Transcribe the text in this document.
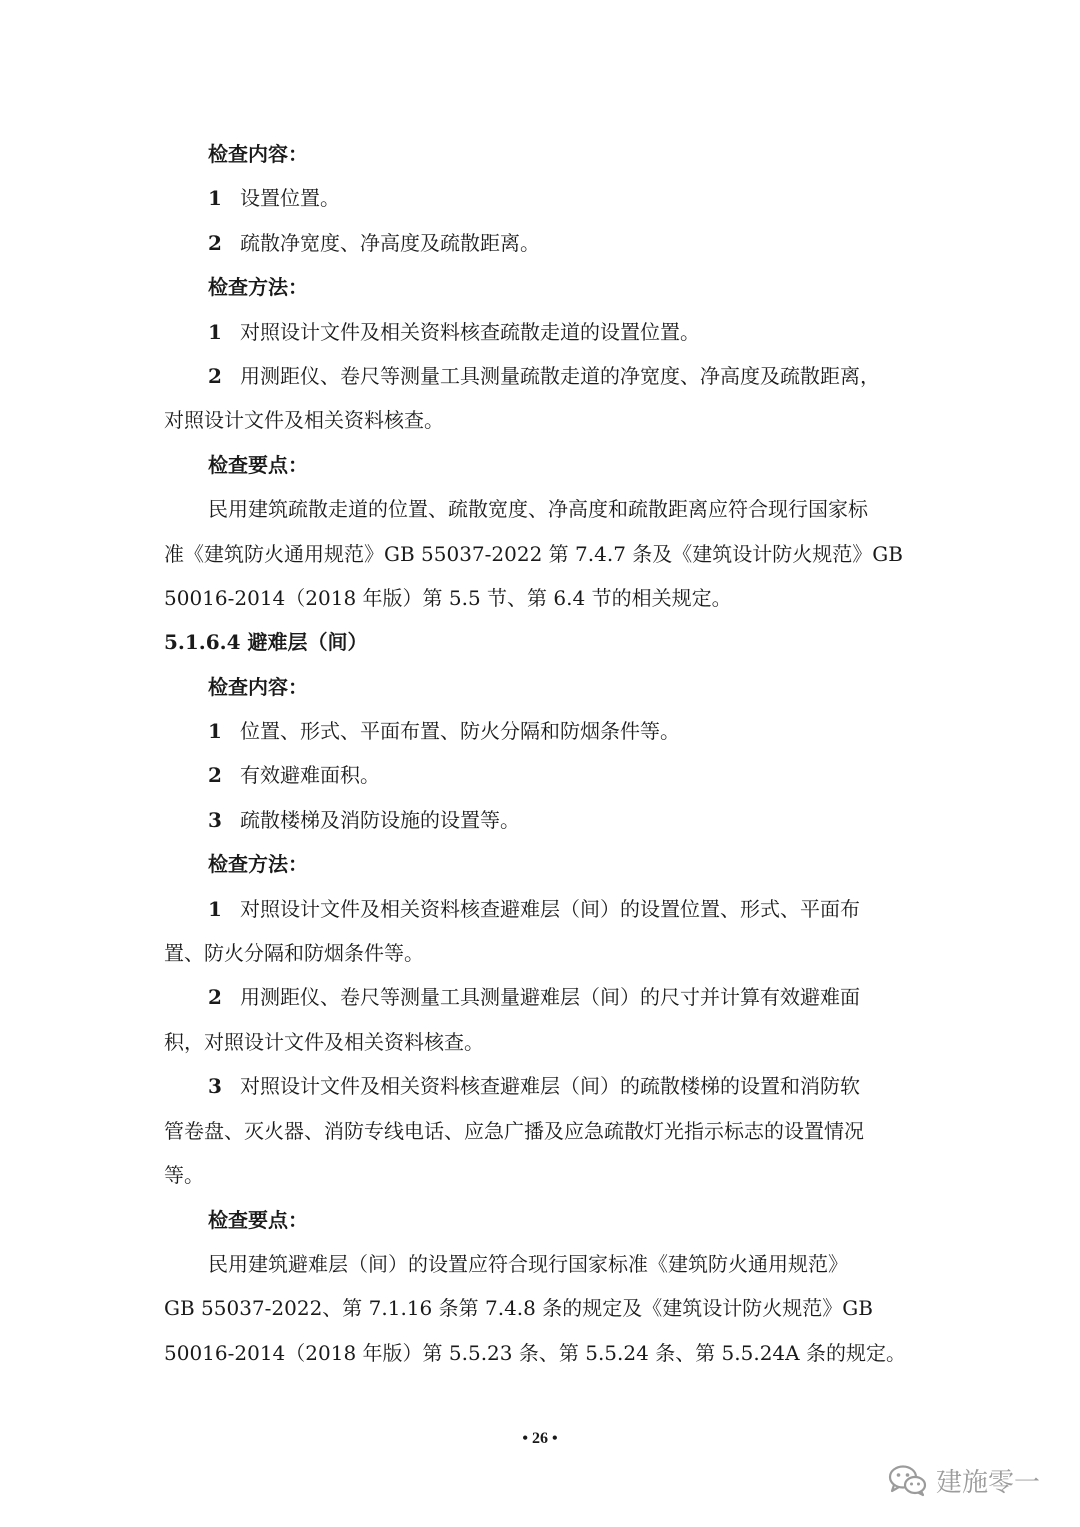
检查内容：
1 设置位置。
2 疏散净宽度、净高度及疏散距离。
检查方法：
1 对照设计文件及相关资料核查疏散走道的设置位置。
2 用测距仪、卷尺等测量工具测量疏散走道的净宽度、净高度及疏散距离，
对照设计文件及相关资料核查。
检查要点：
民用建筑疏散走道的位置、疏散宽度、净高度和疏散距离应符合现行国家标
准《建筑防火通用规范》GB 55037-2022 第 7.4.7 条及《建筑设计防火规范》GB
50016-2014（2018 年版）第 5.5 节、第 6.4 节的相关规定。
5.1.6.4 避难层（间）
检查内容：
1 位置、形式、平面布置、防火分隔和防烟条件等。
2 有效避难面积。
3 疏散楼梯及消防设施的设置等。
检查方法：
1 对照设计文件及相关资料核查避难层（间）的设置位置、形式、平面布
置、防火分隔和防烟条件等。
2 用测距仪、卷尺等测量工具测量避难层（间）的尺寸并计算有效避难面
积，对照设计文件及相关资料核查。
3 对照设计文件及相关资料核查避难层（间）的疏散楼梯的设置和消防软
管卷盘、灭火器、消防专线电话、应急广播及应急疏散灯光指示标志的设置情况
等。
检查要点：
民用建筑避难层（间）的设置应符合现行国家标准《建筑防火通用规范》
GB 55037-2022、第 7.1.16 条第 7.4.8 条的规定及《建筑设计防火规范》GB
50016-2014（2018 年版）第 5.5.23 条、第 5.5.24 条、第 5.5.24A 条的规定。
• 26 •
建施零一
